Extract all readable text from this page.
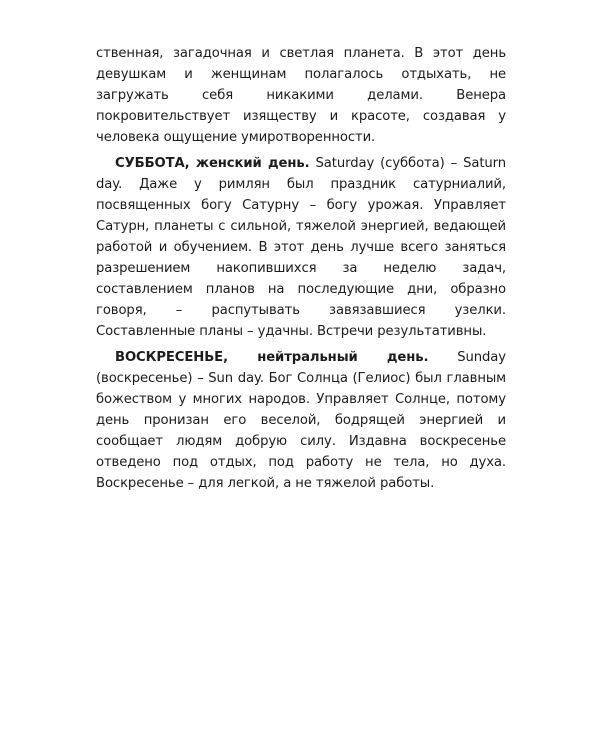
ственная, загадочная и светлая планета. В этот день девушкам и женщинам полагалось отдыхать, не загружать себя никакими делами. Венера покровительствует изяществу и красоте, создавая у человека ощущение умиротворенности.

СУББОТА, женский день. Saturday (суббота) – Saturn day. Даже у римлян был праздник сатурниалий, посвященных богу Сатурну – богу урожая. Управляет Сатурн, планеты с сильной, тяжелой энергией, ведающей работой и обучением. В этот день лучше всего заняться разрешением накопившихся за неделю задач, составлением планов на последующие дни, образно говоря, – распутывать завязавшиеся узелки. Составленные планы – удачны. Встречи результативны.

ВОСКРЕСЕНЬЕ, нейтральный день. Sunday (воскресенье) – Sun day. Бог Солнца (Гелиос) был главным божеством у многих народов. Управляет Солнце, потому день пронизан его веселой, бодрящей энергией и сообщает людям добрую силу. Издавна воскресенье отведено под отдых, под работу не тела, но духа. Воскресенье – для легкой, а не тяжелой работы.
